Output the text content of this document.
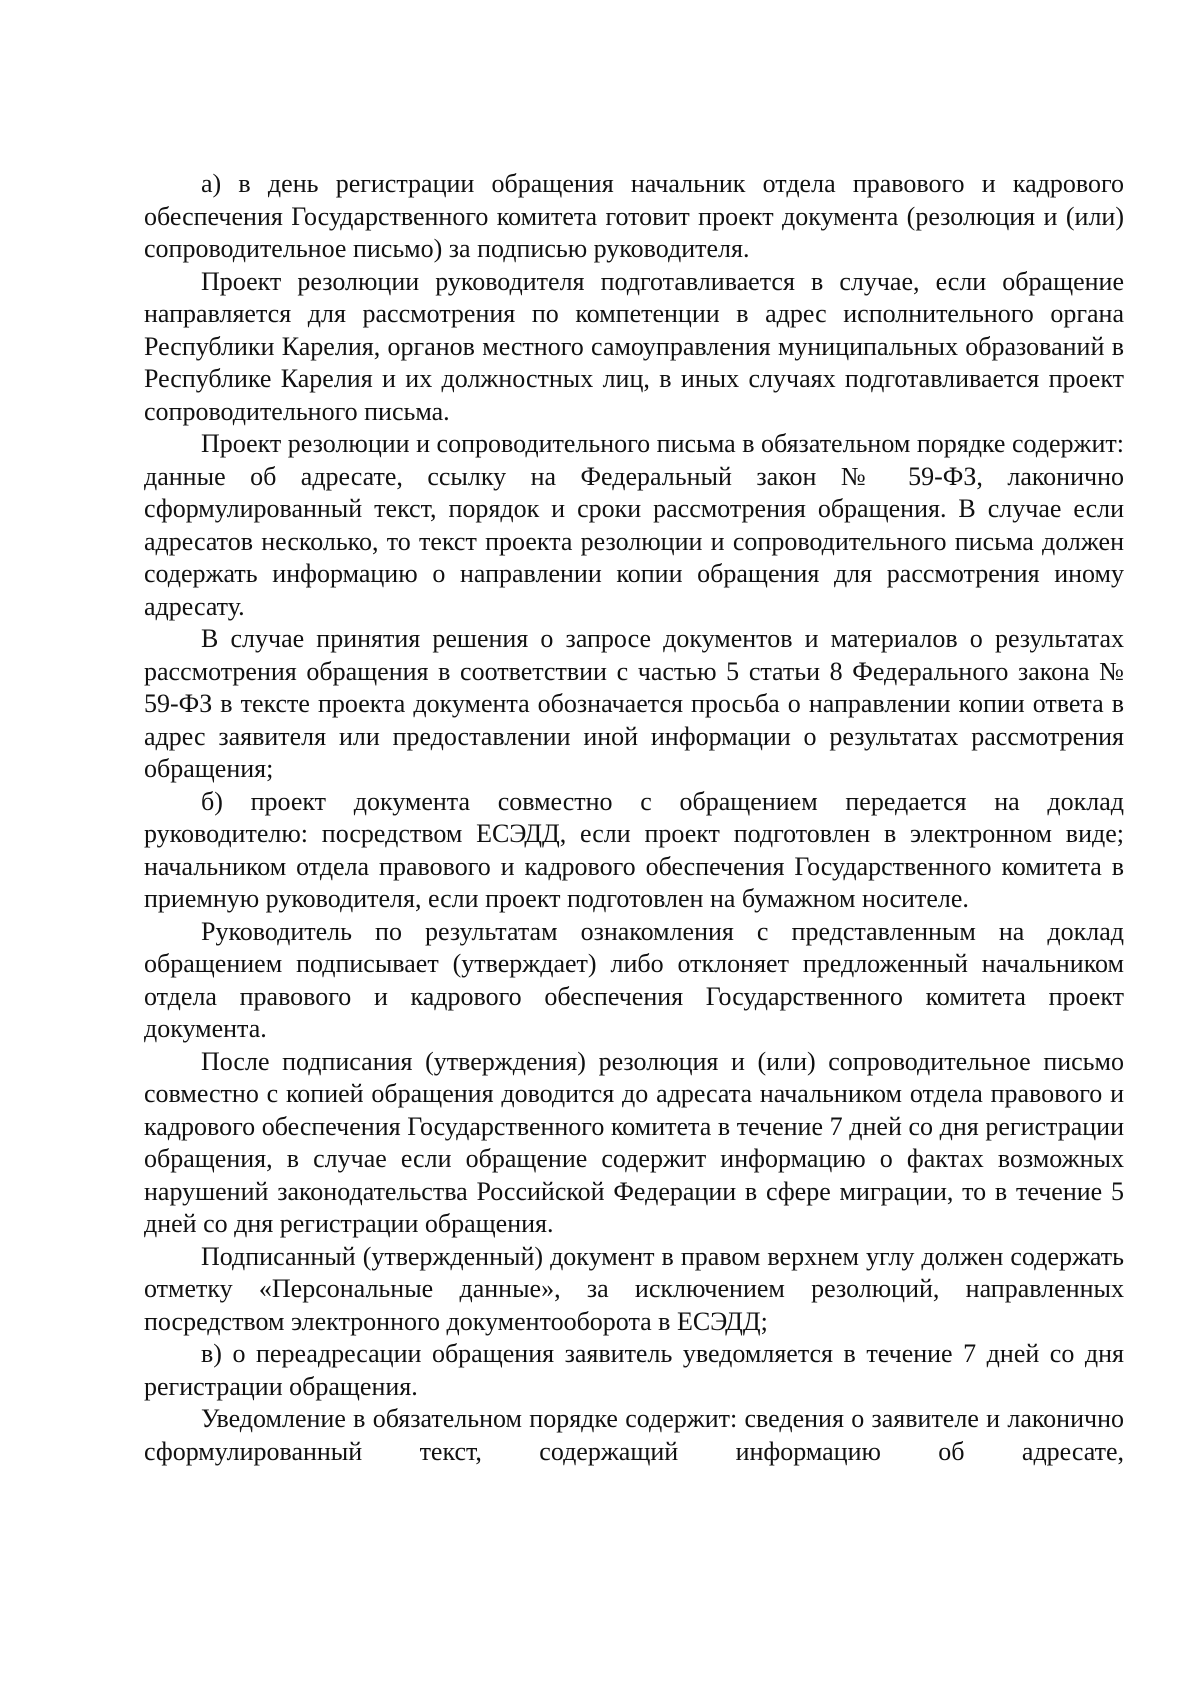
а) в день регистрации обращения начальник отдела правового и кадрового обеспечения Государственного комитета готовит проект документа (резолюция и (или) сопроводительное письмо) за подписью руководителя.

Проект резолюции руководителя подготавливается в случае, если обращение направляется для рассмотрения по компетенции в адрес исполнительного органа Республики Карелия, органов местного самоуправления муниципальных образований в Республике Карелия и их должностных лиц, в иных случаях подготавливается проект сопроводительного письма.

Проект резолюции и сопроводительного письма в обязательном порядке содержит: данные об адресате, ссылку на Федеральный закон № 59-ФЗ, лаконично сформулированный текст, порядок и сроки рассмотрения обращения. В случае если адресатов несколько, то текст проекта резолюции и сопроводительного письма должен содержать информацию о направлении копии обращения для рассмотрения иному адресату.

В случае принятия решения о запросе документов и материалов о результатах рассмотрения обращения в соответствии с частью 5 статьи 8 Федерального закона № 59-ФЗ в тексте проекта документа обозначается просьба о направлении копии ответа в адрес заявителя или предоставлении иной информации о результатах рассмотрения обращения;

б) проект документа совместно с обращением передается на доклад руководителю: посредством ЕСЭДД, если проект подготовлен в электронном виде; начальником отдела правового и кадрового обеспечения Государственного комитета в приемную руководителя, если проект подготовлен на бумажном носителе.

Руководитель по результатам ознакомления с представленным на доклад обращением подписывает (утверждает) либо отклоняет предложенный начальником отдела правового и кадрового обеспечения Государственного комитета проект документа.

После подписания (утверждения) резолюция и (или) сопроводительное письмо совместно с копией обращения доводится до адресата начальником отдела правового и кадрового обеспечения Государственного комитета в течение 7 дней со дня регистрации обращения, в случае если обращение содержит информацию о фактах возможных нарушений законодательства Российской Федерации в сфере миграции, то в течение 5 дней со дня регистрации обращения.

Подписанный (утвержденный) документ в правом верхнем углу должен содержать отметку «Персональные данные», за исключением резолюций, направленных посредством электронного документооборота в ЕСЭДД;

в) о переадресации обращения заявитель уведомляется в течение 7 дней со дня регистрации обращения.

Уведомление в обязательном порядке содержит: сведения о заявителе и лаконично сформулированный текст, содержащий информацию об адресате,
